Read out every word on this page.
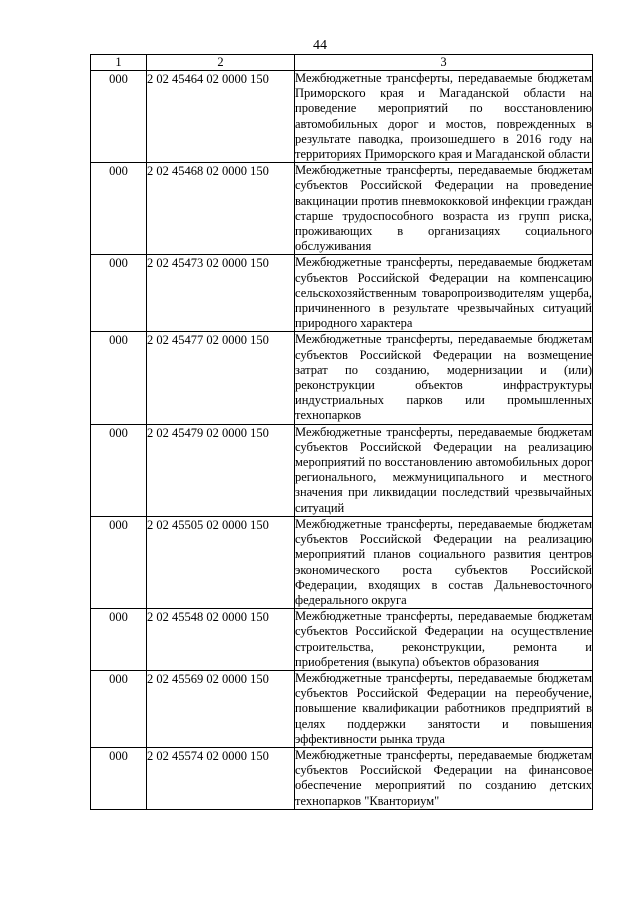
44
1	2	3
000	2 02 45464 02 0000 150	Межбюджетные трансферты, передаваемые бюджетам Приморского края и Магаданской области на проведение мероприятий по восстановлению автомобильных дорог и мостов, поврежденных в результате паводка, произошедшего в 2016 году на территориях Приморского края и Магаданской области
000	2 02 45468 02 0000 150	Межбюджетные трансферты, передаваемые бюджетам субъектов Российской Федерации на проведение вакцинации против пневмококковой инфекции граждан старше трудоспособного возраста из групп риска, проживающих в организациях социального обслуживания
000	2 02 45473 02 0000 150	Межбюджетные трансферты, передаваемые бюджетам субъектов Российской Федерации на компенсацию сельскохозяйственным товаропроизводителям ущерба, причиненного в результате чрезвычайных ситуаций природного характера
000	2 02 45477 02 0000 150	Межбюджетные трансферты, передаваемые бюджетам субъектов Российской Федерации на возмещение затрат по созданию, модернизации и (или) реконструкции объектов инфраструктуры индустриальных парков или промышленных технопарков
000	2 02 45479 02 0000 150	Межбюджетные трансферты, передаваемые бюджетам субъектов Российской Федерации на реализацию мероприятий по восстановлению автомобильных дорог регионального, межмуниципального и местного значения при ликвидации последствий чрезвычайных ситуаций
000	2 02 45505 02 0000 150	Межбюджетные трансферты, передаваемые бюджетам субъектов Российской Федерации на реализацию мероприятий планов социального развития центров экономического роста субъектов Российской Федерации, входящих в состав Дальневосточного федерального округа
000	2 02 45548 02 0000 150	Межбюджетные трансферты, передаваемые бюджетам субъектов Российской Федерации на осуществление строительства, реконструкции, ремонта и приобретения (выкупа) объектов образования
000	2 02 45569 02 0000 150	Межбюджетные трансферты, передаваемые бюджетам субъектов Российской Федерации на переобучение, повышение квалификации работников предприятий в целях поддержки занятости и повышения эффективности рынка труда
000	2 02 45574 02 0000 150	Межбюджетные трансферты, передаваемые бюджетам субъектов Российской Федерации на финансовое обеспечение мероприятий по созданию детских технопарков "Кванториум"
